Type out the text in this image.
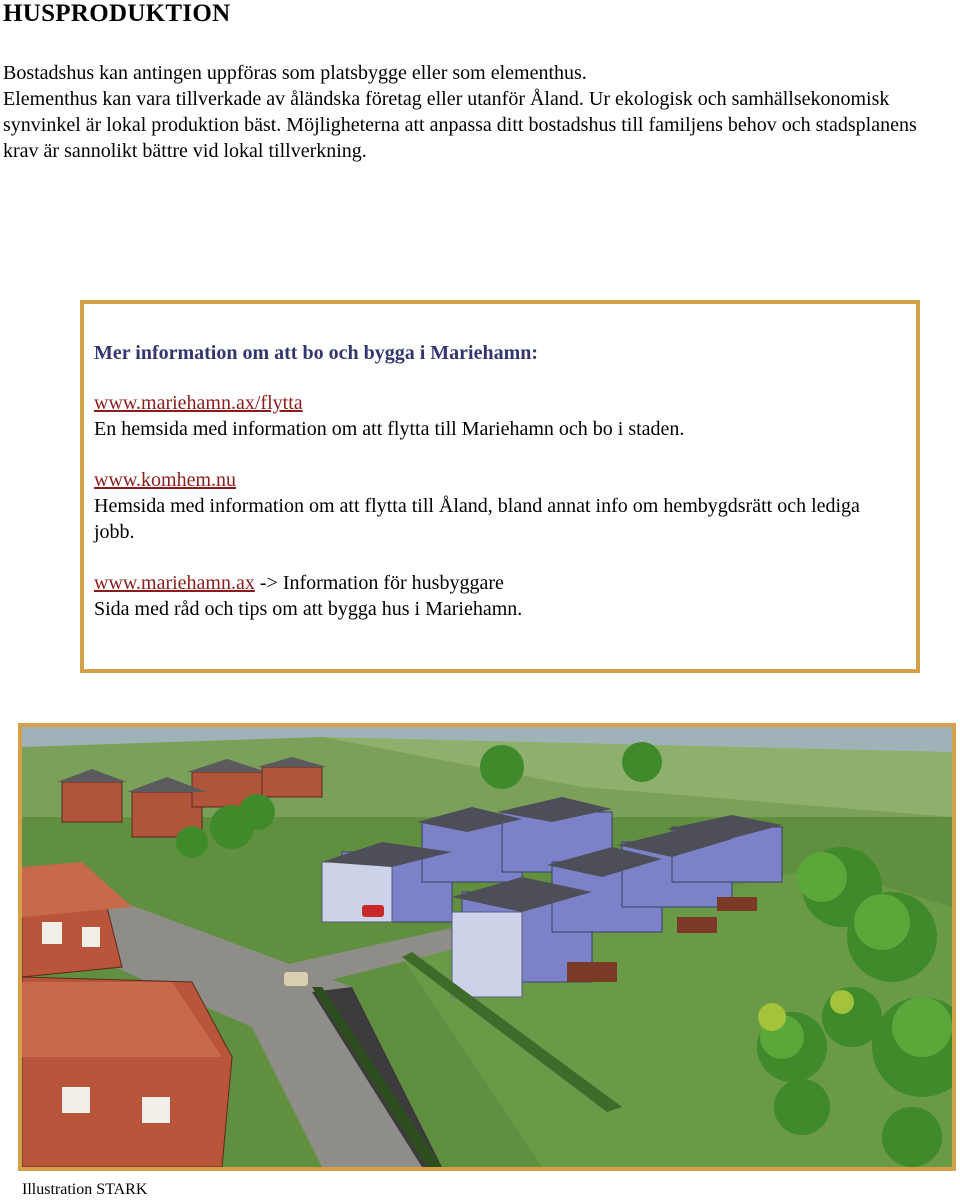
HUSPRODUKTION

Bostadshus kan antingen uppföras som platsbygge eller som elementhus.

Elementhus kan vara tillverkade av åländska företag eller utanför Åland. Ur ekologisk och samhällsekonomisk synvinkel är lokal produktion bäst. Möjligheterna att anpassa ditt bostadshus till familjens behov och stadsplanens krav är sannolikt bättre vid lokal tillverkning.

Mer information om att bo och bygga i Mariehamn:
www.mariehamn.ax/flytta
En hemsida med information om att flytta till Mariehamn och bo i staden.
www.komhem.nu
Hemsida med information om att flytta till Åland, bland annat info om hembygdsrätt och lediga jobb.
www.mariehamn.ax -> Information för husbyggare
Sida med råd och tips om att bygga hus i Mariehamn.
Illustration STARK
